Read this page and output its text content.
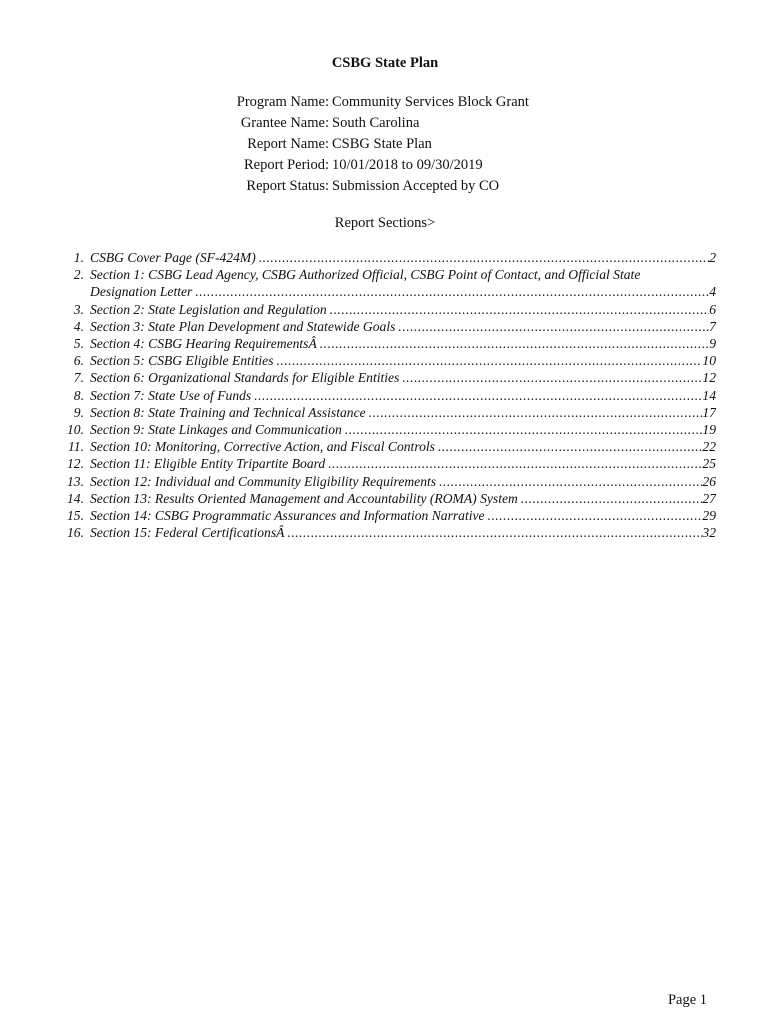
CSBG State Plan
Program Name: Community Services Block Grant
Grantee Name: South Carolina
Report Name: CSBG State Plan
Report Period: 10/01/2018 to 09/30/2019
Report Status: Submission Accepted by CO
Report Sections>
1. CSBG Cover Page (SF-424M) .....	2
2. Section 1: CSBG Lead Agency, CSBG Authorized Official, CSBG Point of Contact, and Official State
Designation Letter .....	4
3. Section 2: State Legislation and Regulation .....	6
4. Section 3: State Plan Development and Statewide Goals .....	7
5. Section 4: CSBG Hearing RequirementsÂ .....	9
6. Section 5: CSBG Eligible Entities .....	10
7. Section 6: Organizational Standards for Eligible Entities .....	12
8. Section 7: State Use of Funds .....	14
9. Section 8: State Training and Technical Assistance .....	17
10. Section 9: State Linkages and Communication .....	19
11. Section 10: Monitoring, Corrective Action, and Fiscal Controls .....	22
12. Section 11: Eligible Entity Tripartite Board .....	25
13. Section 12: Individual and Community Eligibility Requirements .....	26
14. Section 13: Results Oriented Management and Accountability (ROMA) System .....	27
15. Section 14: CSBG Programmatic Assurances and Information Narrative .....	29
16. Section 15: Federal CertificationsÂ .....	32
Page 1
